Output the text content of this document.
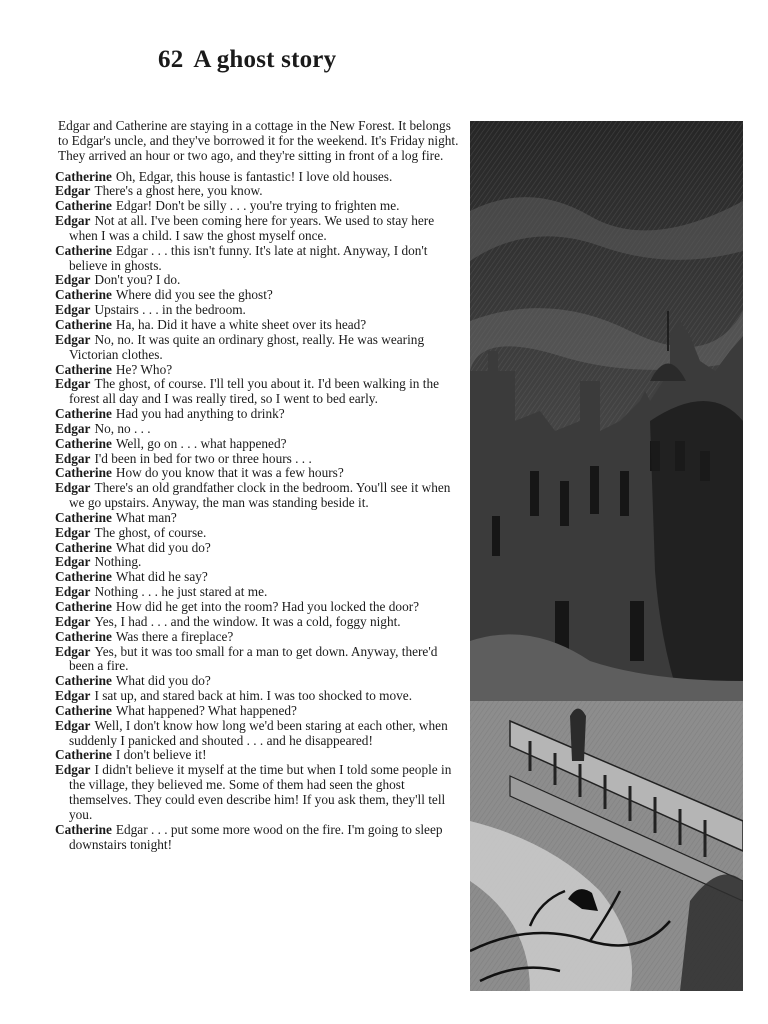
62 A ghost story

Edgar and Catherine are staying in a cottage in the New Forest. It belongs to Edgar's uncle, and they've borrowed it for the weekend. It's Friday night. They arrived an hour or two ago, and they're sitting in front of a log fire.

Catherine Oh, Edgar, this house is fantastic! I love old houses.

Edgar There's a ghost here, you know.

Catherine Edgar! Don't be silly . . . you're trying to frighten me.

Edgar Not at all. I've been coming here for years. We used to stay here when I was a child. I saw the ghost myself once.

Catherine Edgar . . . this isn't funny. It's late at night. Anyway, I don't believe in ghosts.

Edgar Don't you? I do.

Catherine Where did you see the ghost?

Edgar Upstairs . . . in the bedroom.

Catherine Ha, ha. Did it have a white sheet over its head?

Edgar No, no. It was quite an ordinary ghost, really. He was wearing Victorian clothes.

Catherine He? Who?

Edgar The ghost, of course. I'll tell you about it. I'd been walking in the forest all day and I was really tired, so I went to bed early.

Catherine Had you had anything to drink?

Edgar No, no . . .

Catherine Well, go on . . . what happened?

Edgar I'd been in bed for two or three hours . . .

Catherine How do you know that it was a few hours?

Edgar There's an old grandfather clock in the bedroom. You'll see it when we go upstairs. Anyway, the man was standing beside it.

Catherine What man?

Edgar The ghost, of course.

Catherine What did you do?

Edgar Nothing.

Catherine What did he say?

Edgar Nothing . . . he just stared at me.

Catherine How did he get into the room? Had you locked the door?

Edgar Yes, I had . . . and the window. It was a cold, foggy night.

Catherine Was there a fireplace?

Edgar Yes, but it was too small for a man to get down. Anyway, there'd been a fire.

Catherine What did you do?

Edgar I sat up, and stared back at him. I was too shocked to move.

Catherine What happened? What happened?

Edgar Well, I don't know how long we'd been staring at each other, when suddenly I panicked and shouted . . . and he disappeared!

Catherine I don't believe it!

Edgar I didn't believe it myself at the time but when I told some people in the village, they believed me. Some of them had seen the ghost themselves. They could even describe him! If you ask them, they'll tell you.

Catherine Edgar . . . put some more wood on the fire. I'm going to sleep downstairs tonight!
